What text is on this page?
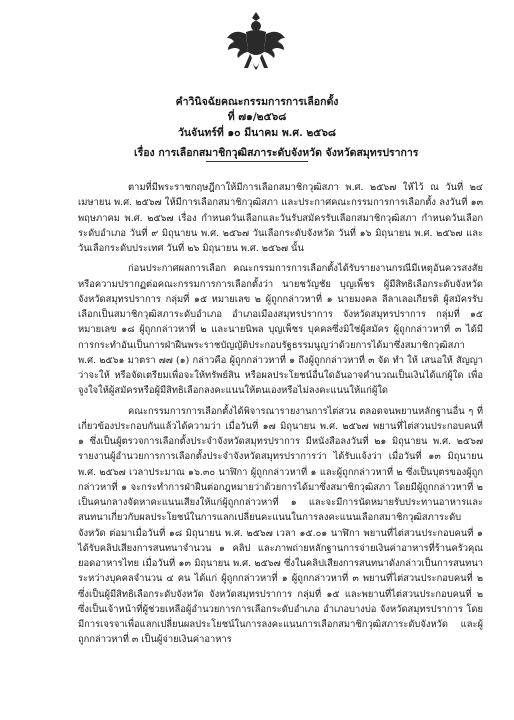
คำวินิจฉัยคณะกรรมการการเลือกตั้ง
ที่ ๗๑/๒๕๖๘
วันจันทร์ที่ ๑๐ มีนาคม พ.ศ. ๒๕๖๘
เรื่อง การเลือกสมาชิกวุฒิสภาระดับจังหวัด จังหวัดสมุทรปราการ

ตามที่มีพระราชกฤษฎีกาให้มีการเลือกสมาชิกวุฒิสภา พ.ศ. ๒๕๖๗ ให้ไว้ ณ วันที่ ๒๔ เมษายน พ.ศ. ๒๕๖๗ ให้มีการเลือกสมาชิกวุฒิสภา และประกาศคณะกรรมการการเลือกตั้ง ลงวันที่ ๑๓ พฤษภาคม พ.ศ. ๒๕๖๗ เรื่อง กำหนดวันเลือกและวันรับสมัครรับเลือกสมาชิกวุฒิสภา กำหนดวันเลือกระดับอำเภอ วันที่ ๙ มิถุนายน พ.ศ. ๒๕๖๗ วันเลือกระดับจังหวัด วันที่ ๑๖ มิถุนายน พ.ศ. ๒๕๖๗ และวันเลือกระดับประเทศ วันที่ ๒๖ มิถุนายน พ.ศ. ๒๕๖๗ นั้น

ก่อนประกาศผลการเลือก คณะกรรมการการเลือกตั้งได้รับรายงานกรณีมีเหตุอันควรสงสัยหรือความปรากฏต่อคณะกรรมการการเลือกตั้งว่า นายชวัญชัย บุญเพ็ชร ผู้มีสิทธิเลือกระดับจังหวัด จังหวัดสมุทรปราการ กลุ่มที่ ๑๕ หมายเลข ๒ ผู้ถูกกล่าวหาที่ ๑ นายมงคล ลีลาเลอเกียรติ ผู้สมัครรับเลือกเป็นสมาชิกวุฒิสภาระดับอำเภอ อำเภอเมืองสมุทรปราการ จังหวัดสมุทรปราการ กลุ่มที่ ๑๕ หมายเลข ๑๘ ผู้ถูกกล่าวหาที่ ๒ และนายนิพล บุญเพ็ชร บุคคลซึ่งมิใช่ผู้สมัคร ผู้ถูกกล่าวหาที่ ๓ ได้มีการกระทำอันเป็นการฝ่าฝืนพระราชบัญญัติประกอบรัฐธรรมนูญว่าด้วยการได้มาซึ่งสมาชิกวุฒิสภา พ.ศ. ๒๕๖๑ มาตรา ๗๗ (๑) กล่าวคือ ผู้ถูกกล่าวหาที่ ๑ ถึงผู้ถูกกล่าวหาที่ ๓ จัด ทำ ให้ เสนอให้ สัญญาว่าจะให้ หรือจัดเตรียมเพื่อจะให้ทรัพย์สิน หรือผลประโยชน์อื่นใดอันอาจคำนวณเป็นเงินได้แก่ผู้ใด เพื่อจูงใจให้ผู้สมัครหรือผู้มีสิทธิเลือกลงคะแนนให้ตนเองหรือไม่ลงคะแนนให้แก่ผู้ใด

คณะกรรมการการเลือกตั้งได้พิจารณารายงานการไต่สวน ตลอดจนพยานหลักฐานอื่น ๆ ที่เกี่ยวข้องประกอบกันแล้วได้ความว่า เมื่อวันที่ ๑๗ มิถุนายน พ.ศ. ๒๕๖๗ พยานที่ไต่สวนประกอบคนที่ ๑ ซึ่งเป็นผู้ตรวจการเลือกตั้งประจำจังหวัดสมุทรปราการ มีหนังสือลงวันที่ ๒๑ มิถุนายน พ.ศ. ๒๕๖๗ รายงานผู้อำนวยการการเลือกตั้งประจำจังหวัดสมุทรปราการว่า ได้รับแจ้งว่า เมื่อวันที่ ๑๓ มิถุนายน พ.ศ. ๒๕๖๗ เวลาประมาณ ๑๖.๓๐ นาฬิกา ผู้ถูกกล่าวหาที่ ๑ และผู้ถูกกล่าวหาที่ ๒ ซึ่งเป็นบุตรของผู้ถูกกล่าวหาที่ ๑ จะกระทำการฝ่าฝืนต่อกฎหมายว่าด้วยการได้มาซึ่งสมาชิกวุฒิสภา โดยมีผู้ถูกกล่าวหาที่ ๒ เป็นคนกลางจัดหาคะแนนเสียงให้แก่ผู้ถูกกล่าวหาที่ ๑ และจะมีการนัดหมายรับประทานอาหารและสนทนาเกี่ยวกับผลประโยชน์ในการแลกเปลี่ยนคะแนนในการลงคะแนนเลือกสมาชิกวุฒิสภาระดับจังหวัด ต่อมาเมื่อวันที่ ๑๘ มิถุนายน พ.ศ. ๒๕๖๗ เวลา ๑๕.๐๑ นาฬิกา พยานที่ไต่สวนประกอบคนที่ ๑ ได้รับคลิปเสียงการสนทนาจำนวน ๑ คลิป และภาพถ่ายหลักฐานการจ่ายเงินค่าอาหารที่ร้านครัวคุณยอดอาหารไทย เมื่อวันที่ ๑๓ มิถุนายน พ.ศ. ๒๕๖๗ ซึ่งในคลิปเสียงการสนทนาดังกล่าวเป็นการสนทนาระหว่างบุคคลจำนวน ๔ คน ได้แก่ ผู้ถูกกล่าวหาที่ ๑ ผู้ถูกกล่าวหาที่ ๓ พยานที่ไต่สวนประกอบคนที่ ๒ ซึ่งเป็นผู้มีสิทธิเลือกระดับจังหวัด จังหวัดสมุทรปราการ กลุ่มที่ ๑๕ และพยานที่ไต่สวนประกอบคนที่ ๒ ซึ่งเป็นเจ้าหน้าที่ผู้ช่วยเหลือผู้อำนวยการการเลือกระดับอำเภอ อำเภอบางบ่อ จังหวัดสมุทรปราการ โดยมีการเจรจาเพื่อแลกเปลี่ยนผลประโยชน์ในการลงคะแนนการเลือกสมาชิกวุฒิสภาระดับจังหวัด และผู้ถูกกล่าวหาที่ ๓ เป็นผู้จ่ายเงินค่าอาหาร
